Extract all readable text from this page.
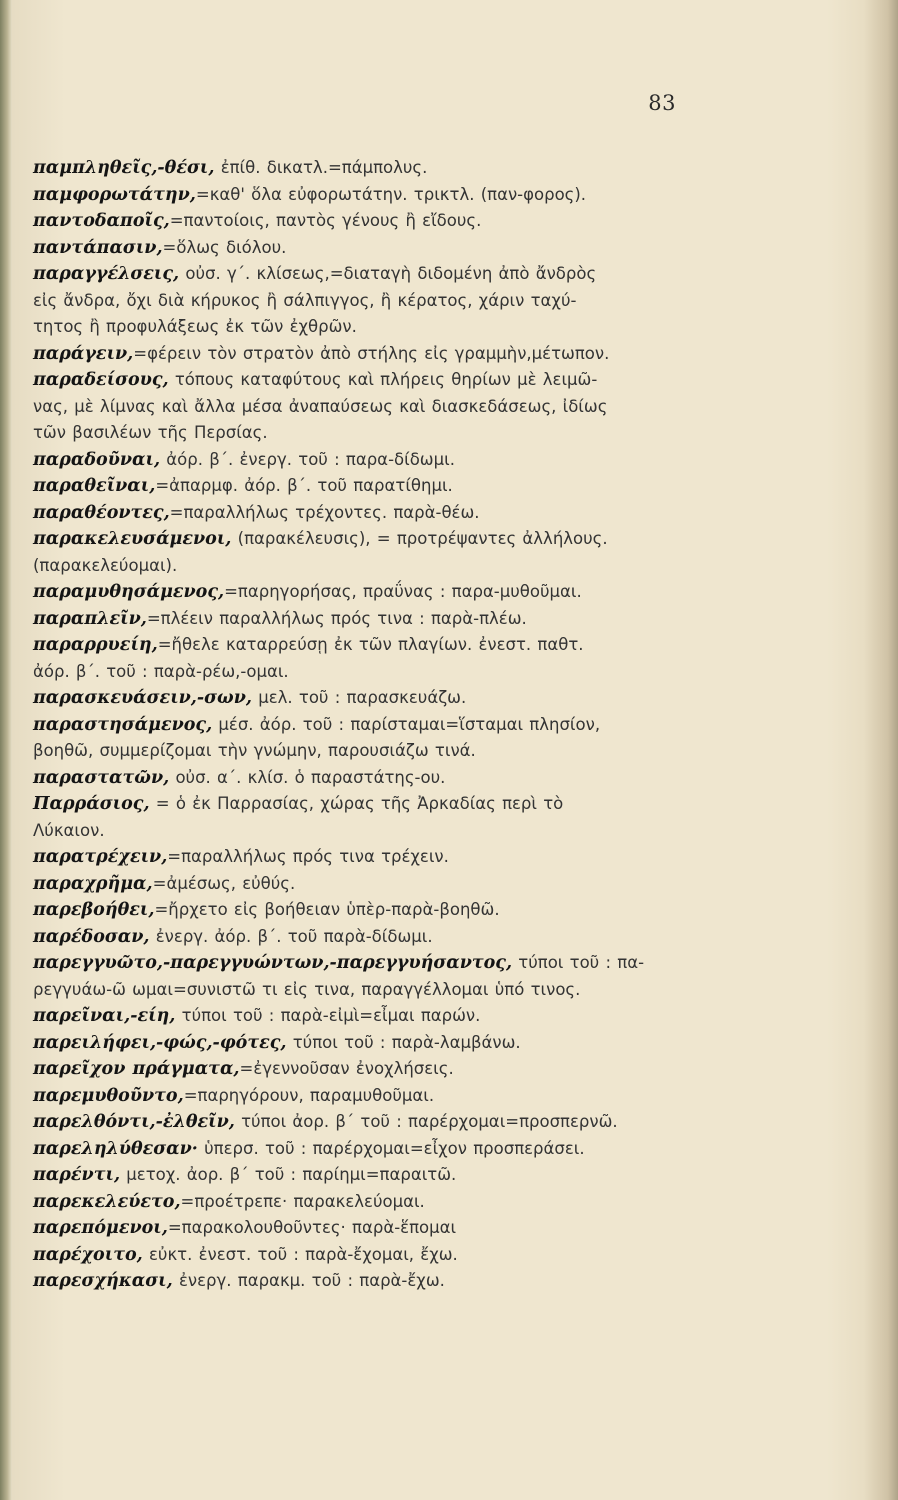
83
παμπληθεῖς,-θέσι, ἐπίθ. δικατλ.=πάμπολυς.
παμφορωτάτην,=καθ' ὅλα εὐφορωτάτην. τρικτλ. (παν-φορος).
παντοδαποῖς,=παντοίοις, παντὸς γένους ἢ εἴδους.
παντάπασιν,=ὅλως διόλου.
παραγγέλσεις, οὐσ. γ΄. κλίσεως,=διαταγὴ διδομένη ἀπὸ ἄνδρὸς
εἰς ἄνδρα, ὄχι διὰ κήρυκος ἢ σάλπιγγος, ἢ κέρατος, χάριν ταχύ-
τητος ἢ προφυλάξεως ἐκ τῶν ἐχθρῶν.
παράγειν,=φέρειν τὸν στρατὸν ἀπὸ στήλης εἰς γραμμὴν,μέτωπον.
παραδείσους, τόπους καταφύτους καὶ πλήρεις θηρίων μὲ λειμῶ-
νας, μὲ λίμνας καὶ ἄλλα μέσα ἀναπαύσεως καὶ διασκεδάσεως, ἰδίως
τῶν βασιλέων τῆς Περσίας.
παραδοῦναι, ἀόρ. β΄. ἐνεργ. τοῦ : παρα-δίδωμι.
παραθεῖναι,=ἀπαρμφ. ἀόρ. β΄. τοῦ παρατίθημι.
παραθέοντες,=παραλλήλως τρέχοντες. παρὰ-θέω.
παρακελευσάμενοι, (παρακέλευσις), = προτρέψαντες ἀλλήλους.
(παρακελεύομαι).
παραμυθησάμενος,=παρηγορήσας, πραΰνας : παρα-μυθοῦμαι.
παραπλεῖν,=πλέειν παραλλήλως πρός τινα : παρὰ-πλέω.
παραρρυείη,=ἤθελε καταρρεύσῃ ἐκ τῶν πλαγίων. ἐνεστ. παθτ.
ἀόρ. β΄. τοῦ : παρὰ-ρέω,-ομαι.
παρασκευάσειν,-σων, μελ. τοῦ : παρασκευάζω.
παραστησάμενος, μέσ. ἀόρ. τοῦ : παρίσταμαι=ἵσταμαι πλησίον,
βοηθῶ, συμμερίζομαι τὴν γνώμην, παρουσιάζω τινά.
παραστατῶν, οὐσ. α΄. κλίσ. ὁ παραστάτης-ου.
Παρράσιος, = ὁ ἐκ Παρρασίας, χώρας τῆς Ἀρκαδίας περὶ τὸ
Λύκαιον.
παρατρέχειν,=παραλλήλως πρός τινα τρέχειν.
παραχρῆμα,=ἀμέσως, εὐθύς.
παρεβοήθει,=ἤρχετο εἰς βοήθειαν ὑπὲρ-παρὰ-βοηθῶ.
παρέδοσαν, ἐνεργ. ἀόρ. β΄. τοῦ παρὰ-δίδωμι.
παρεγγυῶτο,-παρεγγυώντων,-παρεγγυήσαντος, τύποι τοῦ : πα-
ρεγγυάω-ῶ ωμαι=συνιστῶ τι εἰς τινα, παραγγέλλομαι ὑπό τινος.
παρεῖναι,-είη, τύποι τοῦ : παρὰ-εἰμὶ=εἶμαι παρών.
παρειλήφει,-φώς,-φότες, τύποι τοῦ : παρὰ-λαμβάνω.
παρεῖχον πράγματα,=ἐγεννοῦσαν ἐνοχλήσεις.
παρεμυθοῦντο,=παρηγόρουν, παραμυθοῦμαι.
παρελθόντι,-ἐλθεῖν, τύποι ἀορ. β΄ τοῦ : παρέρχομαι=προσπερνῶ.
παρεληλύθεσαν· ὑπερσ. τοῦ : παρέρχομαι=εἶχον προσπεράσει.
παρέντι, μετοχ. ἀορ. β΄ τοῦ : παρίημι=παραιτῶ.
παρεκελεύετο,=προέτρεπε· παρακελεύομαι.
παρεπόμενοι,=παρακολουθοῦντες· παρὰ-ἕπομαι
παρέχοιτο, εὐκτ. ἐνεστ. τοῦ : παρὰ-ἔχομαι, ἔχω.
παρεσχήκασι, ἐνεργ. παρακμ. τοῦ : παρὰ-ἔχω.
